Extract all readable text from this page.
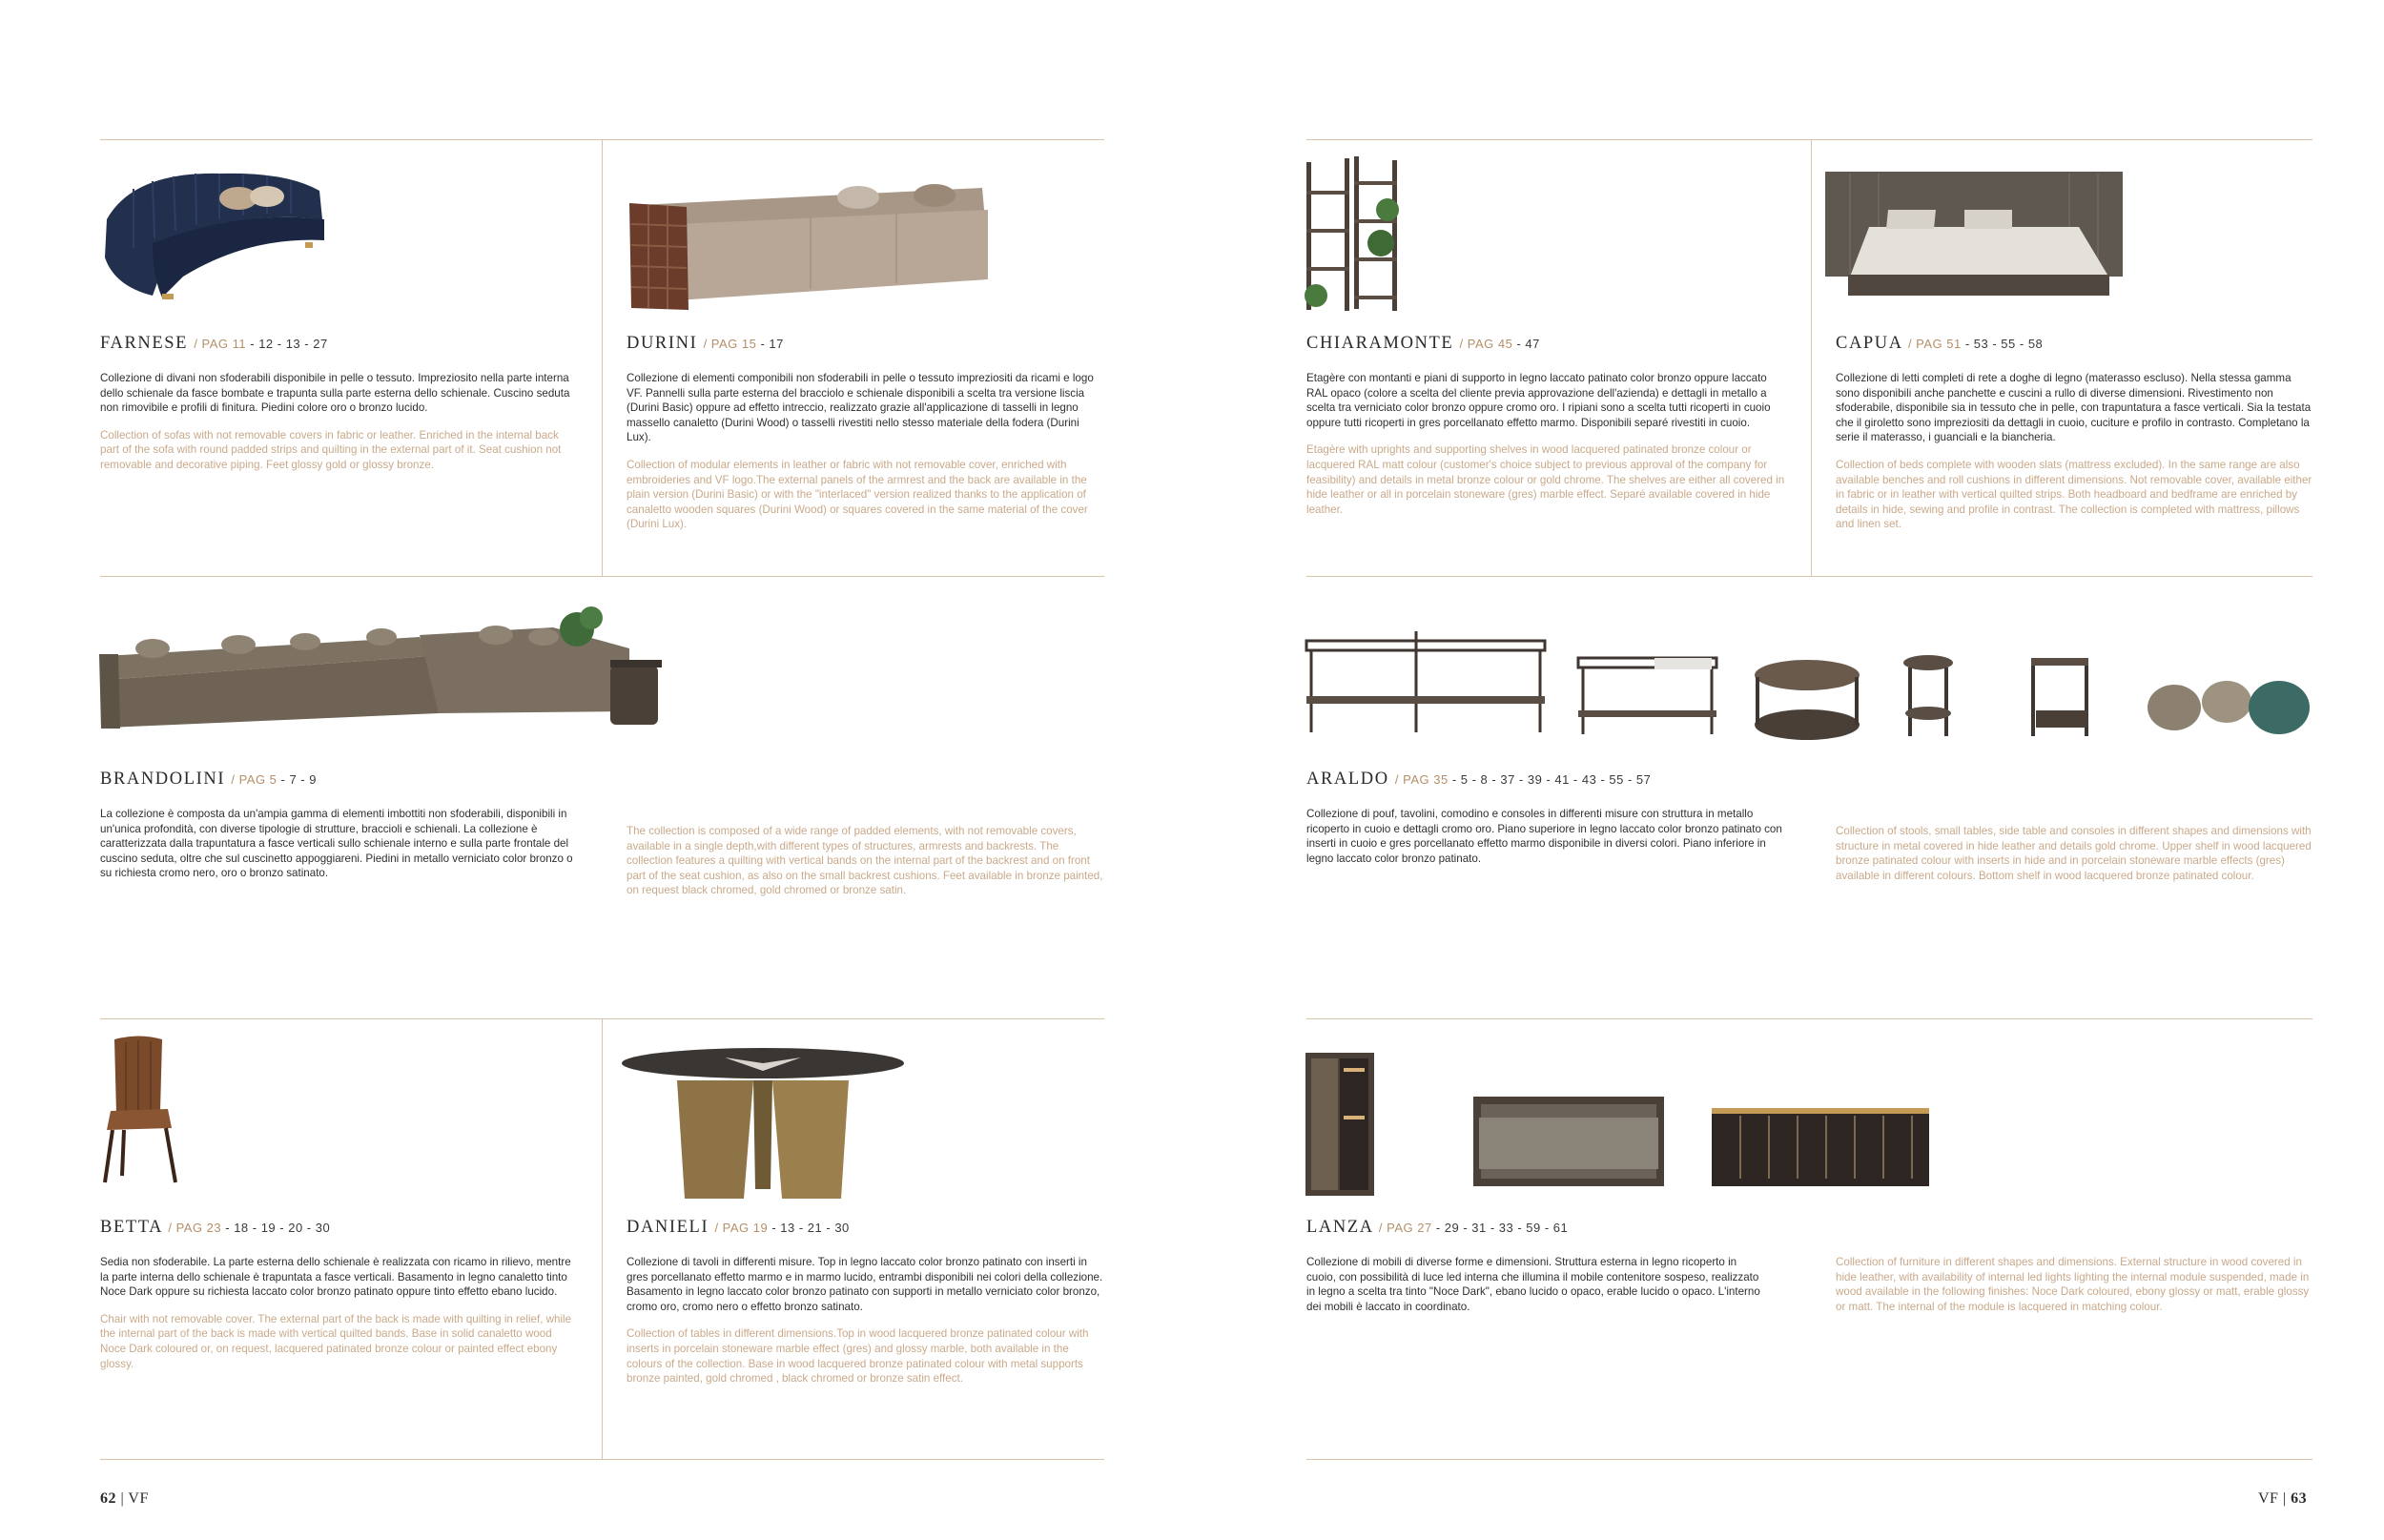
FARNESE / PAG 11 - 12 - 13 - 27
Collezione di divani non sfoderabili disponibile in pelle o tessuto. Impreziosito nella parte interna dello schienale da fasce bombate e trapunta sulla parte esterna dello schienale. Cuscino seduta non rimovibile e profili di finitura. Piedini colore oro o bronzo lucido.
Collection of sofas with not removable covers in fabric or leather. Enriched in the internal back part of the sofa with round padded strips and quilting in the external part of it. Seat cushion not removable and decorative piping. Feet glossy gold or glossy bronze.
DURINI / PAG 15 - 17
Collezione di elementi componibili non sfoderabili in pelle o tessuto impreziositi da ricami e logo VF. Pannelli sulla parte esterna del bracciolo e schienale disponibili a scelta tra versione liscia (Durini Basic) oppure ad effetto intreccio, realizzato grazie all'applicazione di tasselli in legno massello canaletto (Durini Wood) o tasselli rivestiti nello stesso materiale della fodera (Durini Lux).
Collection of modular elements in leather or fabric with not removable cover, enriched with embroideries and VF logo.The external panels of the armrest and the back are available in the plain version (Durini Basic) or with the "interlaced" version realized thanks to the application of canaletto wooden squares (Durini Wood) or squares covered in the same material of the cover (Durini Lux).
BRANDOLINI / PAG 5 - 7 - 9
La collezione è composta da un'ampia gamma di elementi imbottiti non sfoderabili, disponibili in un'unica profondità, con diverse tipologie di strutture, braccioli e schienali. La collezione è caratterizzata dalla trapuntatura a fasce verticali sullo schienale interno e sulla parte frontale del cuscino seduta, oltre che sul cuscinetto appoggiareni. Piedini in metallo verniciato color bronzo o su richiesta cromo nero, oro o bronzo satinato.
The collection is composed of a wide range of padded elements, with not removable covers, available in a single depth,with different types of structures, armrests and backrests. The collection features a quilting with vertical bands on the internal part of the backrest and on front part of the seat cushion, as also on the small backrest cushions. Feet available in bronze painted, on request black chromed, gold chromed or bronze satin.
BETTA / PAG 23 - 18 - 19 - 20 - 30
Sedia non sfoderabile. La parte esterna dello schienale è realizzata con ricamo in rilievo, mentre la parte interna dello schienale è trapuntata a fasce verticali. Basamento in legno canaletto tinto Noce Dark oppure su richiesta laccato color bronzo patinato oppure tinto effetto ebano lucido.
Chair with not removable cover. The external part of the back is made with quilting in relief, while the internal part of the back is made with vertical quilted bands. Base in solid canaletto wood Noce Dark coloured or, on request, lacquered patinated bronze colour or painted effect ebony glossy.
DANIELI / PAG 19 - 13 - 21 - 30
Collezione di tavoli in differenti misure. Top in legno laccato color bronzo patinato con inserti in gres porcellanato effetto marmo e in marmo lucido, entrambi disponibili nei colori della collezione. Basamento in legno laccato color bronzo patinato con supporti in metallo verniciato color bronzo, cromo oro, cromo nero o effetto bronzo satinato.
Collection of tables in different dimensions.Top in wood lacquered bronze patinated colour with inserts in porcelain stoneware marble effect (gres) and glossy marble, both available in the colours of the collection. Base in wood lacquered bronze patinated colour with metal supports bronze painted, gold chromed , black chromed or bronze satin effect.
CHIARAMONTE / PAG 45 - 47
Etagère con montanti e piani di supporto in legno laccato patinato color bronzo oppure laccato RAL opaco (colore a scelta del cliente previa approvazione dell'azienda) e dettagli in metallo a scelta tra verniciato color bronzo oppure cromo oro. I ripiani sono a scelta tutti ricoperti in cuoio oppure tutti ricoperti in gres porcellanato effetto marmo. Disponibili separé rivestiti in cuoio.
Etagère with uprights and supporting shelves in wood lacquered patinated bronze colour or lacquered RAL matt colour (customer's choice subject to previous approval of the company for feasibility) and details in metal bronze colour or gold chrome. The shelves are either all covered in hide leather or all in porcelain stoneware (gres) marble effect. Separé available covered in hide leather.
CAPUA / PAG 51 - 53 - 55 - 58
Collezione di letti completi di rete a doghe di legno (materasso escluso). Nella stessa gamma sono disponibili anche panchette e cuscini a rullo di diverse dimensioni. Rivestimento non sfoderabile, disponibile sia in tessuto che in pelle, con trapuntatura a fasce verticali. Sia la testata che il giroletto sono impreziositi da dettagli in cuoio, cuciture e profilo in contrasto. Completano la serie il materasso, i guanciali e la biancheria.
Collection of beds complete with wooden slats (mattress excluded). In the same range are also available benches and roll cushions in different dimensions. Not removable cover, available either in fabric or in leather with vertical quilted strips. Both headboard and bedframe are enriched by details in hide, sewing and profile in contrast. The collection is completed with mattress, pillows and linen set.
ARALDO / PAG 35 - 5 - 8 - 37 - 39 - 41 - 43 - 55 - 57
Collezione di pouf, tavolini, comodino e consoles in differenti misure con struttura in metallo ricoperto in cuoio e dettagli cromo oro. Piano superiore in legno laccato color bronzo patinato con inserti in cuoio e gres porcellanato effetto marmo disponibile in diversi colori. Piano inferiore in legno laccato color bronzo patinato.
Collection of stools, small tables, side table and consoles in different shapes and dimensions with structure in metal covered in hide leather and details gold chrome. Upper shelf in wood lacquered bronze patinated colour with inserts in hide and in porcelain stoneware marble effects (gres) available in different colours. Bottom shelf in wood lacquered bronze patinated colour.
LANZA / PAG 27 - 29 - 31 - 33 - 59 - 61
Collezione di mobili di diverse forme e dimensioni. Struttura esterna in legno ricoperto in cuoio, con possibilità di luce led interna che illumina il mobile contenitore sospeso, realizzato in legno a scelta tra tinto "Noce Dark", ebano lucido o opaco, erable lucido o opaco. L'interno dei mobili è laccato in coordinato.
Collection of furniture in different shapes and dimensions. External structure in wood covered in hide leather, with availability of internal led lights lighting the internal module suspended, made in wood available in the following finishes: Noce Dark coloured, ebony glossy or matt, erable glossy or matt. The internal of the module is lacquered in matching colour.
62 | VF	VF | 63
